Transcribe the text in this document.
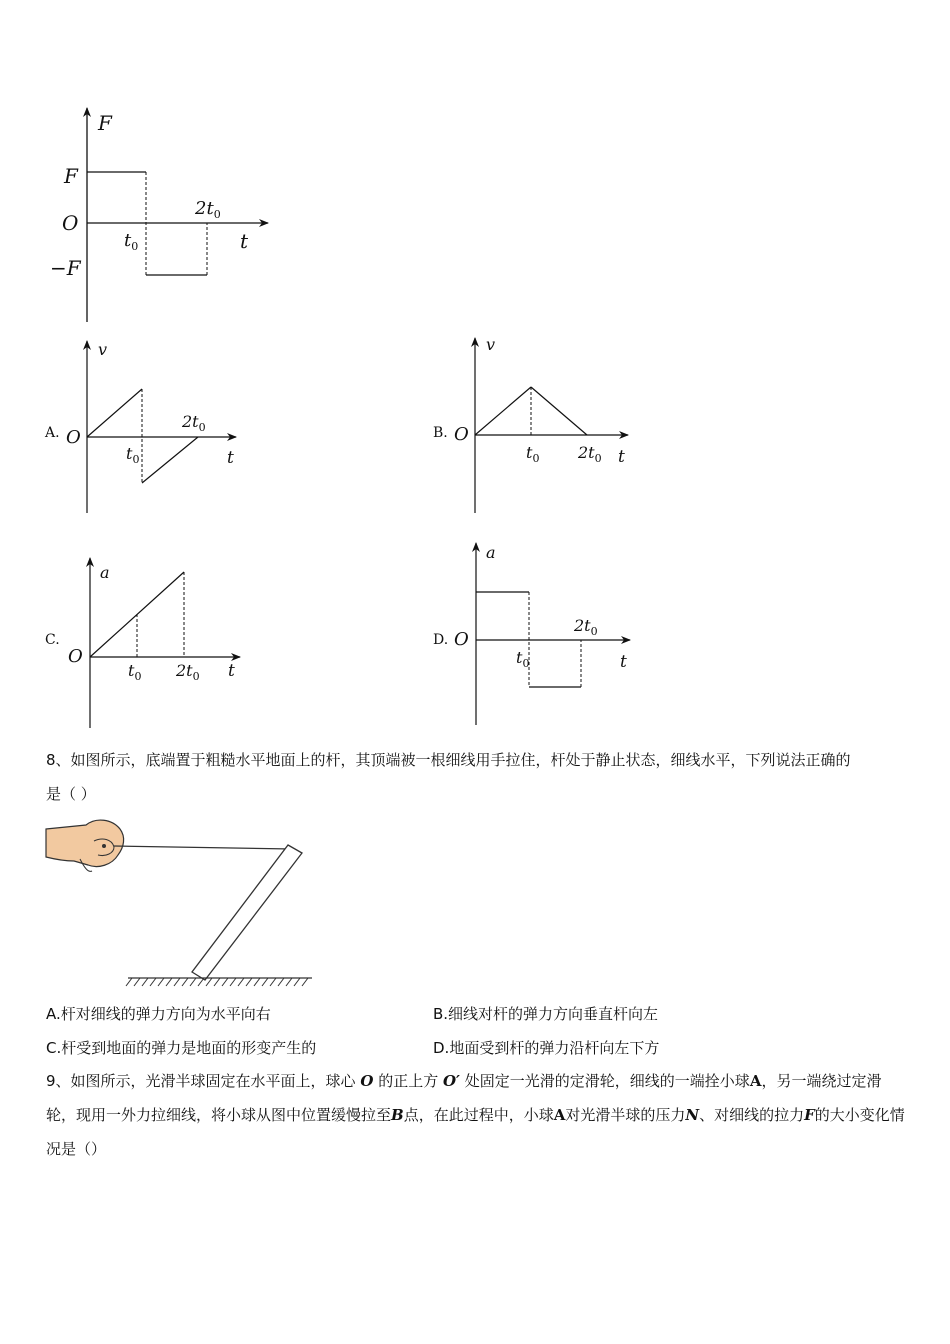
F
F
O
−F
t
$t_0$
$2t_0$
A.
v
O
t
$t_0$
$2t_0$	B.
v
O
t
$t_0$ $2t_0$
C.
a
O
t
$t_0$ $2t_0$
D.
a
O
t
$t_0$
$2t_0$

8、如图所示，底端置于粗糙水平地面上的杆，其顶端被一根细线用手拉住，杆处于静止状态，细线水平，下列说法正确的
是（ ）

A.杆对细线的弹力方向为水平向右	B.细线对杆的弹力方向垂直杆向左
C.杆受到地面的弹力是地面的形变产生的	D.地面受到杆的弹力沿杆向左下方

9、如图所示，光滑半球固定在水平面上，球心 O 的正上方 O′ 处固定一光滑的定滑轮，细线的一端拴小球A，另一端绕过定滑轮，现用一外力拉细线，将小球从图中位置缓慢拉至B点，在此过程中，小球A对光滑半球的压力N、对细线的拉力F的大小变化情况是（）
